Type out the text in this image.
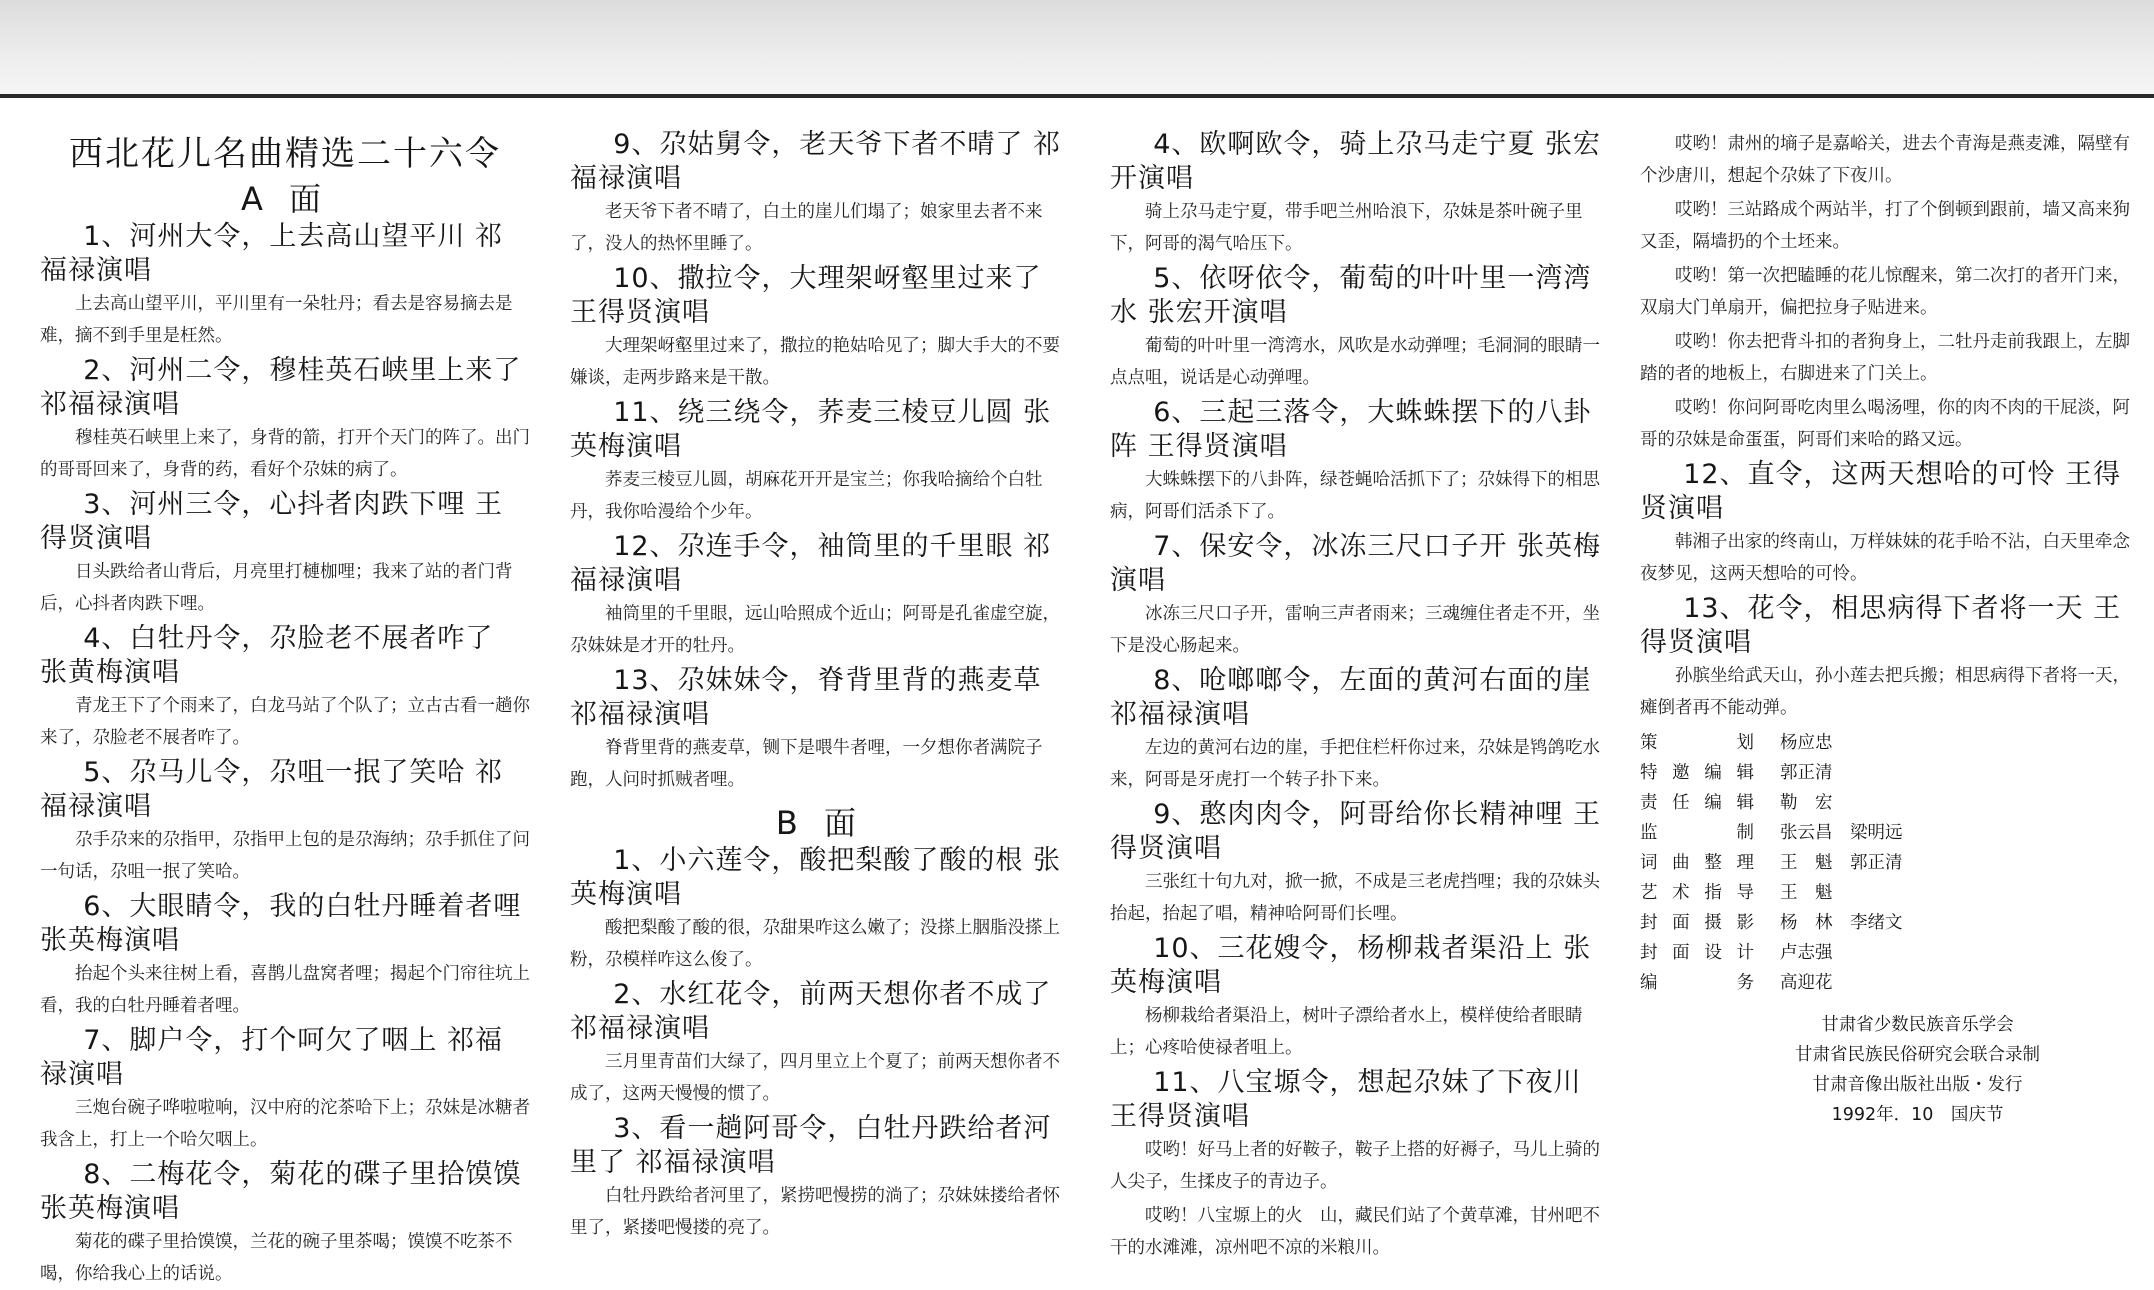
西北花儿名曲精选二十六令
A 面

1、河州大令，上去高山望平川 祁福禄演唱

上去高山望平川，平川里有一朵牡丹；看去是容易摘去是难，摘不到手里是枉然。

2、河州二令，穆桂英石峡里上来了 祁福禄演唱

穆桂英石峡里上来了，身背的箭，打开个天门的阵了。出门的哥哥回来了，身背的药，看好个尕妹的病了。

3、河州三令，心抖者肉跌下哩 王得贤演唱

日头跌给者山背后，月亮里打槤枷哩；我来了站的者门背后，心抖者肉跌下哩。

4、白牡丹令，尕脸老不展者咋了 张黄梅演唱

青龙王下了个雨来了，白龙马站了个队了；立古古看一趟你来了，尕脸老不展者咋了。

5、尕马儿令，尕咀一抿了笑哈 祁福禄演唱

尕手尕来的尕指甲，尕指甲上包的是尕海纳；尕手抓住了问一句话，尕咀一抿了笑哈。

6、大眼睛令，我的白牡丹睡着者哩 张英梅演唱

抬起个头来往树上看，喜鹊儿盘窝者哩；揭起个门帘往坑上看，我的白牡丹睡着者哩。

7、脚户令，打个呵欠了咽上 祁福禄演唱

三炮台碗子哗啦啦响，汉中府的沱茶哈下上；尕妹是冰糖者我含上，打上一个哈欠咽上。

8、二梅花令，菊花的碟子里拾馍馍 张英梅演唱

菊花的碟子里拾馍馍，兰花的碗子里茶喝；馍馍不吃茶不喝，你给我心上的话说。

9、尕姑舅令，老天爷下者不晴了 祁福禄演唱

老天爷下者不晴了，白土的崖儿们塌了；娘家里去者不来了，没人的热怀里睡了。

10、撒拉令，大理架岈壑里过来了 王得贤演唱

大理架岈壑里过来了，撒拉的艳姑哈见了；脚大手大的不要嫌谈，走两步路来是干散。

11、绕三绕令，荞麦三棱豆儿圆 张英梅演唱

荞麦三棱豆儿圆，胡麻花开开是宝兰；你我哈摘给个白牡丹，我你哈漫给个少年。

12、尕连手令，袖筒里的千里眼 祁福禄演唱

袖筒里的千里眼，远山哈照成个近山；阿哥是孔雀虚空旋，尕妹妹是才开的牡丹。

13、尕妹妹令，脊背里背的燕麦草 祁福禄演唱

脊背里背的燕麦草，铡下是喂牛者哩，一夕想你者满院子跑，人问时抓贼者哩。

B 面

1、小六莲令，酸把梨酸了酸的根 张英梅演唱

酸把梨酸了酸的很，尕甜果咋这么嫩了；没搽上胭脂没搽上粉，尕模样咋这么俊了。

2、水红花令，前两天想你者不成了 祁福禄演唱

三月里青苗们大绿了，四月里立上个夏了；前两天想你者不成了，这两天慢慢的惯了。

3、看一趟阿哥令，白牡丹跌给者河里了 祁福禄演唱

白牡丹跌给者河里了，紧捞吧慢捞的淌了；尕妹妹搂给者怀里了，紧搂吧慢搂的亮了。

4、欧啊欧令，骑上尕马走宁夏 张宏开演唱

骑上尕马走宁夏，带手吧兰州哈浪下，尕妹是茶叶碗子里下，阿哥的渴气哈压下。

5、依呀依令，葡萄的叶叶里一湾湾水 张宏开演唱

葡萄的叶叶里一湾湾水，风吹是水动弹哩；毛洞洞的眼睛一点点咀，说话是心动弹哩。

6、三起三落令，大蛛蛛摆下的八卦阵 王得贤演唱

大蛛蛛摆下的八卦阵，绿苍蝇哈活抓下了；尕妹得下的相思病，阿哥们活杀下了。

7、保安令，冰冻三尺口子开 张英梅演唱

冰冻三尺口子开，雷响三声者雨来；三魂缠住者走不开，坐下是没心肠起来。

8、呛啷啷令，左面的黄河右面的崖 祁福禄演唱

左边的黄河右边的崖，手把住栏杆你过来，尕妹是鸨鸽吃水来，阿哥是牙虎打一个转子扑下来。

9、憨肉肉令，阿哥给你长精神哩 王得贤演唱

三张红十句九对，掀一掀，不成是三老虎挡哩；我的尕妹头抬起，抬起了唱，精神哈阿哥们长哩。

10、三花嫂令，杨柳栽者渠沿上 张英梅演唱

杨柳栽给者渠沿上，树叶子漂给者水上，模样使给者眼睛上；心疼哈使禄者咀上。

11、八宝塬令，想起尕妹了下夜川 王得贤演唱

哎哟！好马上者的好鞍子，鞍子上搭的好褥子，马儿上骑的人尖子，生揉皮子的青边子。

哎哟！八宝塬上的火　山，藏民们站了个黄草滩，甘州吧不干的水滩滩，凉州吧不凉的米粮川。

哎哟！肃州的墒子是嘉峪关，进去个青海是燕麦滩，隔壁有个沙唐川，想起个尕妹了下夜川。

哎哟！三站路成个两站半，打了个倒顿到跟前，墙又高来狗又歪，隔墙扔的个土坯来。

哎哟！第一次把瞌睡的花儿惊醒来，第二次打的者开门来，双扇大门单扇开，偏把拉身子贴进来。

哎哟！你去把背斗扣的者狗身上，二牡丹走前我跟上，左脚踏的者的地板上，右脚进来了门关上。

哎哟！你问阿哥吃肉里么喝汤哩，你的肉不肉的干屁淡，阿哥的尕妹是命蛋蛋，阿哥们来哈的路又远。

12、直令，这两天想哈的可怜 王得贤演唱

韩湘子出家的终南山，万样妹妹的花手哈不沾，白天里牵念夜梦见，这两天想哈的可怜。

13、花令，相思病得下者将一天 王得贤演唱

孙膑坐给武天山，孙小莲去把兵搬；相思病得下者将一天，瘫倒者再不能动弹。

策划 杨应忠
特邀编辑 郭正清
责任编辑 勒　宏
监制 张云昌　梁明远
词曲整理 王　魁　郭正清
艺术指导 王　魁
封面摄影 杨　林　李绪文
封面设计 卢志强
编务 高迎花
甘肃省少数民族音乐学会
甘肃省民族民俗研究会联合录制
甘肃音像出版社出版・发行
1992年．10　国庆节
